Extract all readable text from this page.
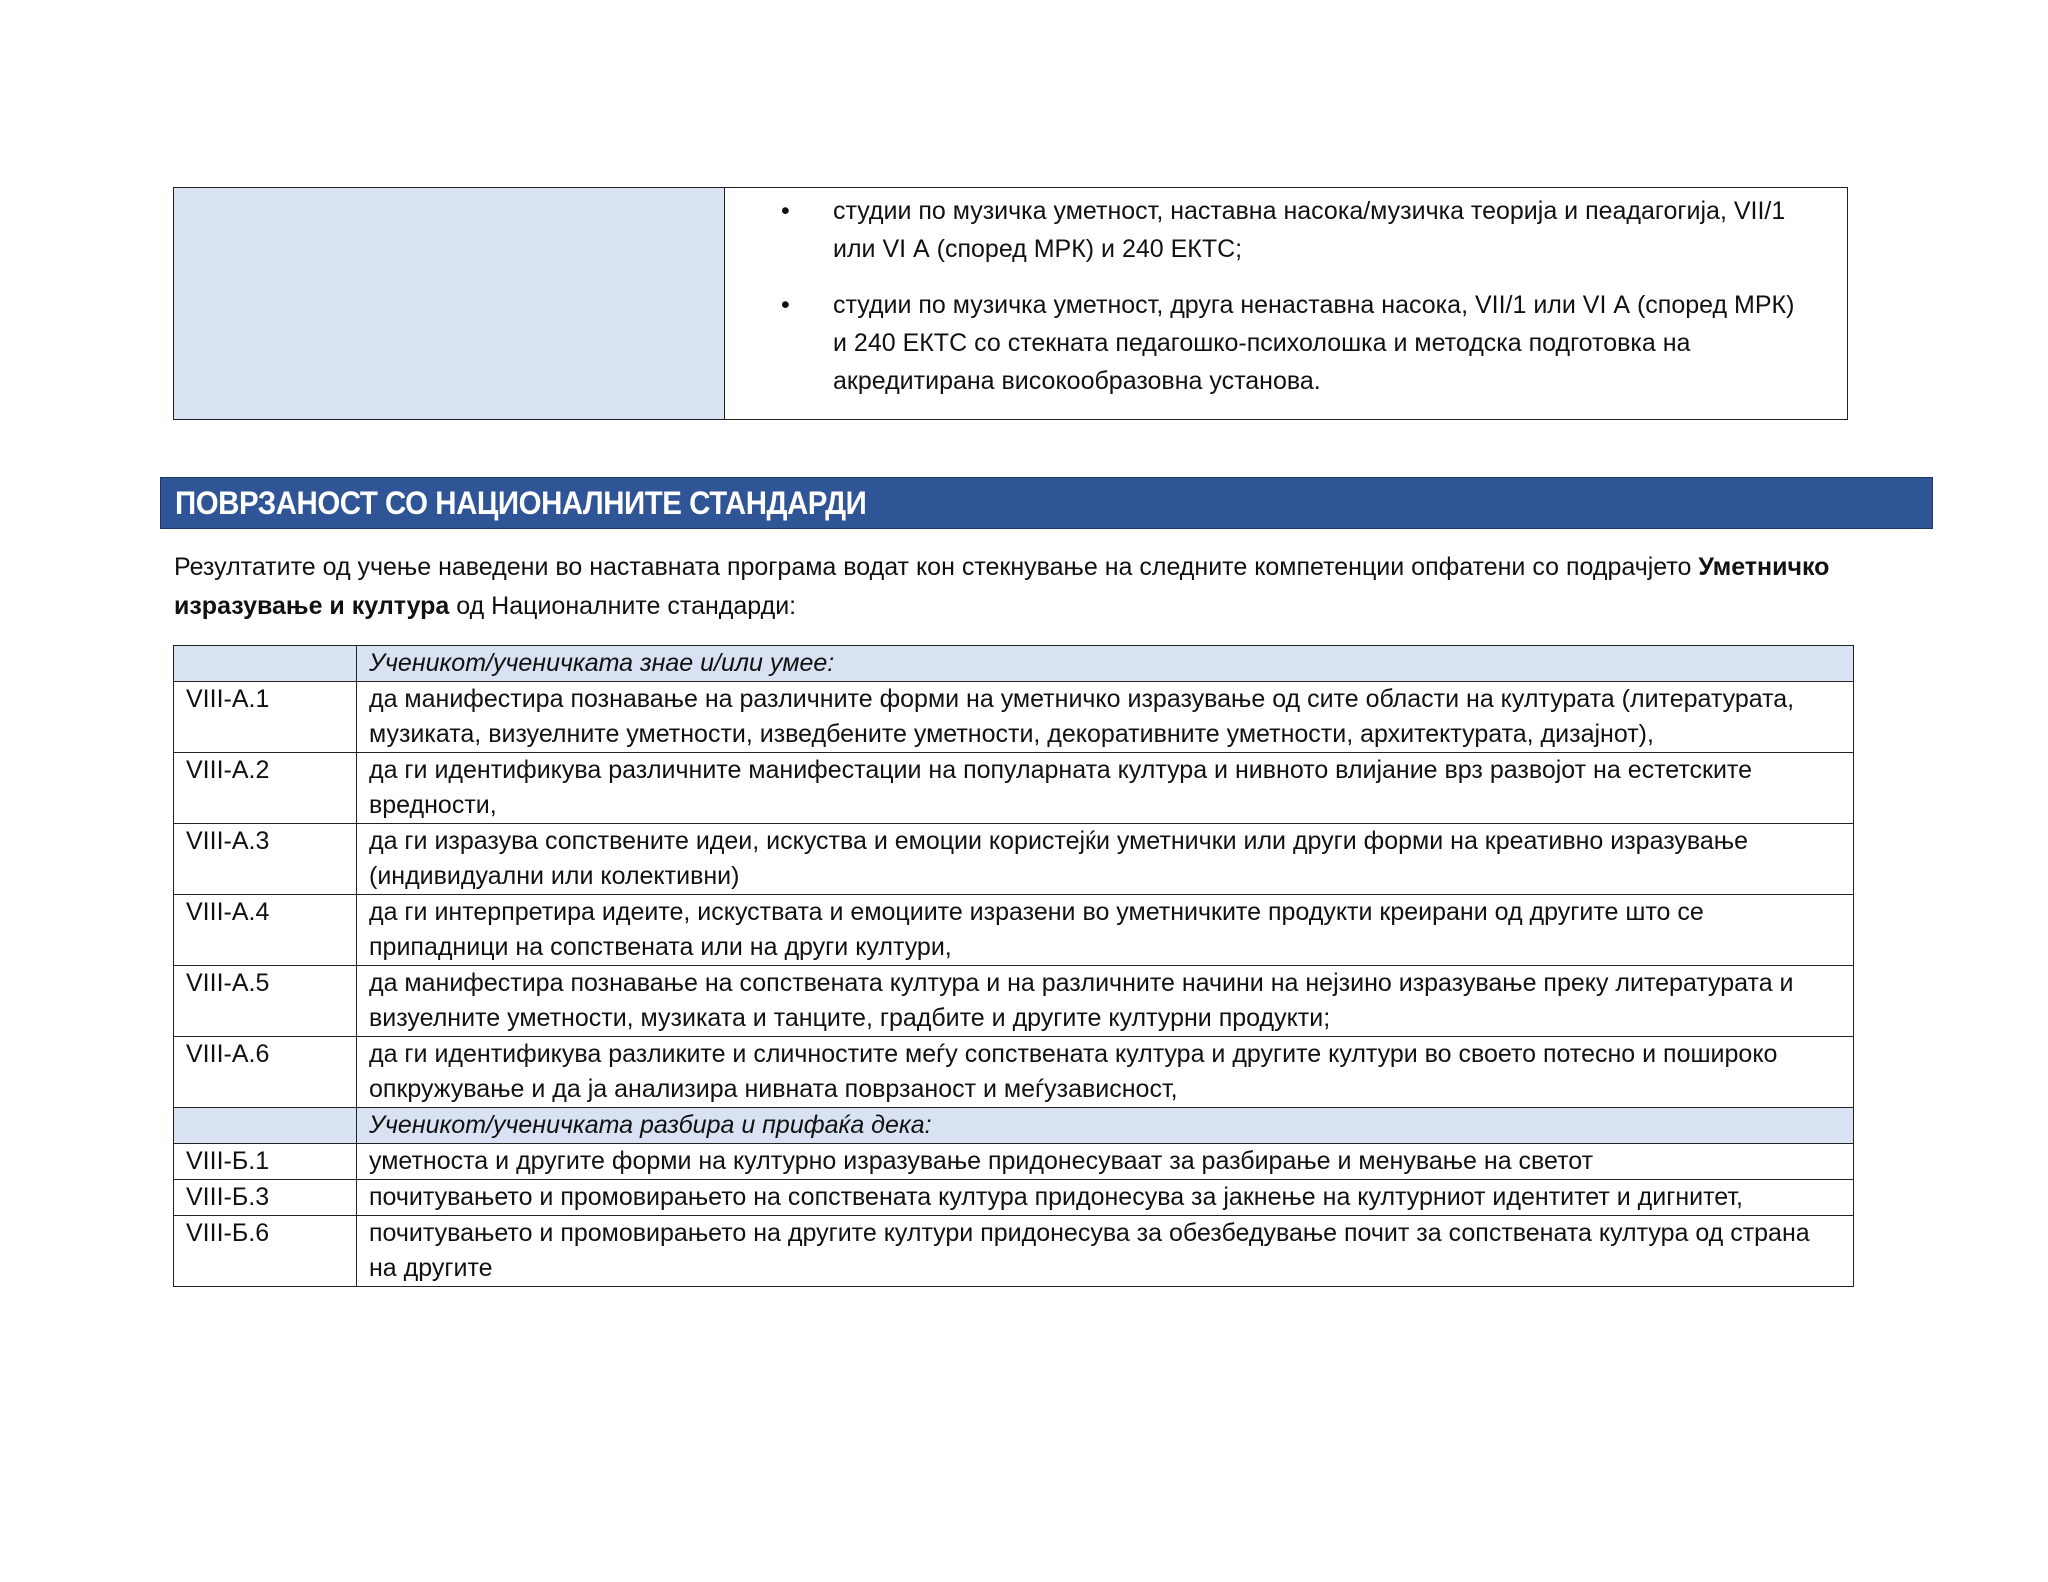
• студии по музичка уметност, наставна насока/музичка теорија и пеадагогија, VII/1 или VI А (според МРК) и 240 ЕКТС;
• студии по музичка уметност, друга ненаставна насока, VII/1 или VI А (според МРК) и 240 ЕКТС со стекната педагошко-психолошка и методска подготовка на акредитирана високообразовна установа.
ПОВРЗАНОСТ СО НАЦИОНАЛНИТЕ СТАНДАРДИ

Резултатите од учење наведени во наставната програма водат кон стекнување на следните компетенции опфатени со подрачјето Уметничко изразување и култура од Националните стандарди:

	Ученикот/ученичката знае и/или умее:
VIII-A.1	да манифестира познавање на различните форми на уметничко изразување од сите области на културата (литературата, музиката, визуелните уметности, изведбените уметности, декоративните уметности, архитектурата, дизајнот),
VIII-A.2	да ги идентификува различните манифестации на популарната култура и нивното влијание врз развојот на естетските вредности,
VIII-A.3	да ги изразува сопствените идеи, искуства и емоции користејќи уметнички или други форми на креативно изразување (индивидуални или колективни)
VIII-A.4	да ги интерпретира идеите, искуствата и емоциите изразени во уметничките продукти креирани од другите што се припадници на сопствената или на други култури,
VIII-A.5	да манифестира познавање на сопствената култура и на различните начини на нејзино изразување преку литературата и визуелните уметности, музиката и танците, градбите и другите културни продукти;
VIII-A.6	да ги идентификува разликите и сличностите меѓу сопствената култура и другите култури во своето потесно и пошироко опкружување и да ја анализира нивната поврзаност и меѓузависност,
	Ученикот/ученичката разбира и прифаќа дека:
VIII-Б.1	уметноста и другите форми на културно изразување придонесуваат за разбирање и менување на светот
VIII-Б.3	почитувањето и промовирањето на сопствената култура придонесува за јакнење на културниот идентитет и дигнитет,
VIII-Б.6	почитувањето и промовирањето на другите култури придонесува за обезбедување почит за сопствената култура од страна на другите
